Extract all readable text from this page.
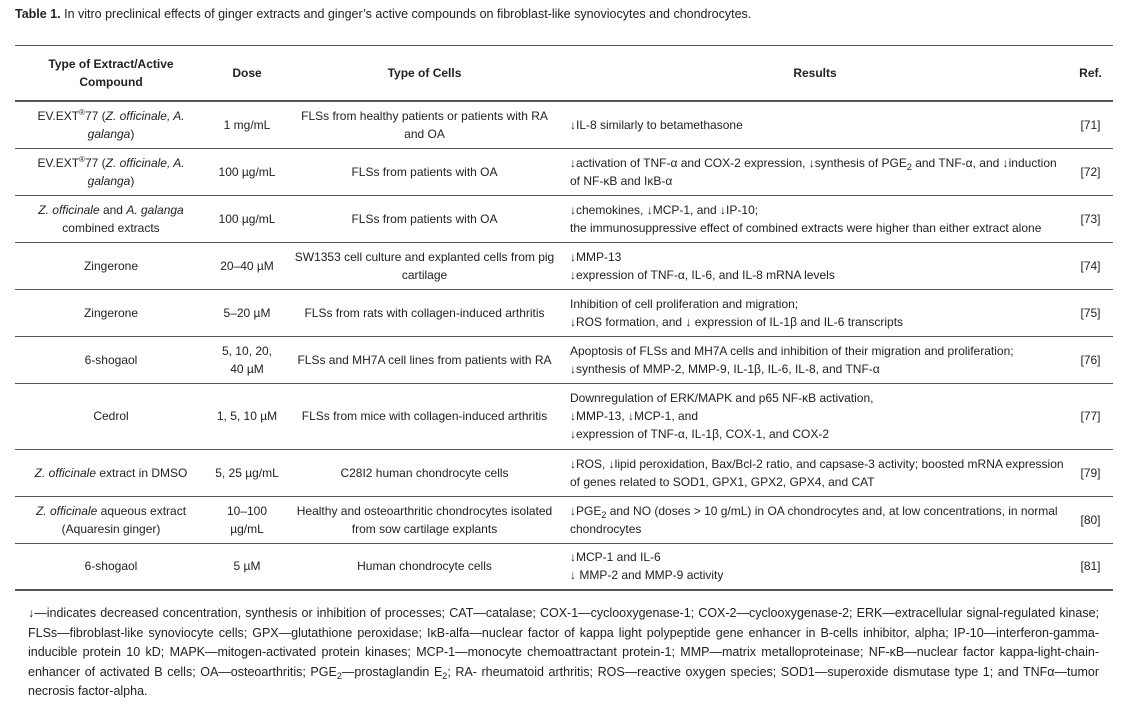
Table 1. In vitro preclinical effects of ginger extracts and ginger’s active compounds on fibroblast-like synoviocytes and chondrocytes.
Type of Extract/Active Compound	Dose	Type of Cells	Results	Ref.
EV.EXT®77 (Z. officinale, A. galanga)	1 mg/mL	FLSs from healthy patients or patients with RA and OA	↓IL-8 similarly to betamethasone	[71]
EV.EXT®77 (Z. officinale, A. galanga)	100 µg/mL	FLSs from patients with OA	↓activation of TNF-α and COX-2 expression, ↓synthesis of $PGE_2$ and TNF-α, and ↓induction of NF-κB and IκB-α	[72]
Z. officinale and A. galanga combined extracts	100 µg/mL	FLSs from patients with OA	↓chemokines, ↓MCP-1, and ↓IP-10;
the immunosuppressive effect of combined extracts were higher than either extract alone	[73]
Zingerone	20–40 µM	SW1353 cell culture and explanted cells from pig cartilage	↓MMP-13
↓expression of TNF-α, IL-6, and IL-8 mRNA levels	[74]
Zingerone	5–20 µM	FLSs from rats with collagen-induced arthritis	Inhibition of cell proliferation and migration;
↓ROS formation, and ↓ expression of IL-1β and IL-6 transcripts	[75]
6-shogaol	5, 10, 20, 40 µM	FLSs and MH7A cell lines from patients with RA	Apoptosis of FLSs and MH7A cells and inhibition of their migration and proliferation;
↓synthesis of MMP-2, MMP-9, IL-1β, IL-6, IL-8, and TNF-α	[76]
Cedrol	1, 5, 10 µM	FLSs from mice with collagen-induced arthritis	Downregulation of ERK/MAPK and p65 NF-κB activation,
↓MMP-13, ↓MCP-1, and
↓expression of TNF-α, IL-1β, COX-1, and COX-2	[77]
Z. officinale extract in DMSO	5, 25 µg/mL	C28I2 human chondrocyte cells	↓ROS, ↓lipid peroxidation, Bax/Bcl-2 ratio, and capsase-3 activity; boosted mRNA expression of genes related to SOD1, GPX1, GPX2, GPX4, and CAT	[79]
Z. officinale aqueous extract (Aquaresin ginger)	10–100 µg/mL	Healthy and osteoarthritic chondrocytes isolated from sow cartilage explants	$↓PGE_2$ and NO (doses > 10 g/mL) in OA chondrocytes and, at low concentrations, in normal chondrocytes	[80]
6-shogaol	5 µM	Human chondrocyte cells	↓MCP-1 and IL-6
↓ MMP-2 and MMP-9 activity	[81]
↓—indicates decreased concentration, synthesis or inhibition of processes; CAT—catalase; COX-1—cyclooxygenase-1; COX-2—cyclooxygenase-2; ERK—extracellular signal-regulated kinase; FLSs—fibroblast-like synoviocyte cells; GPX—glutathione peroxidase; IκB-alfa—nuclear factor of kappa light polypeptide gene enhancer in B-cells inhibitor, alpha; IP-10—interferon-gamma-inducible protein 10 kD; MAPK—mitogen-activated protein kinases; MCP-1—monocyte chemoattractant protein-1; MMP—matrix metalloproteinase; NF-κB—nuclear factor kappa-light-chain-enhancer of activated B cells; OA—osteoarthritis; $PGE_2—prostaglandin$ $E_2$; RA- rheumatoid arthritis; ROS—reactive oxygen species; SOD1—superoxide dismutase type 1; and TNFα—tumor necrosis factor-alpha.
